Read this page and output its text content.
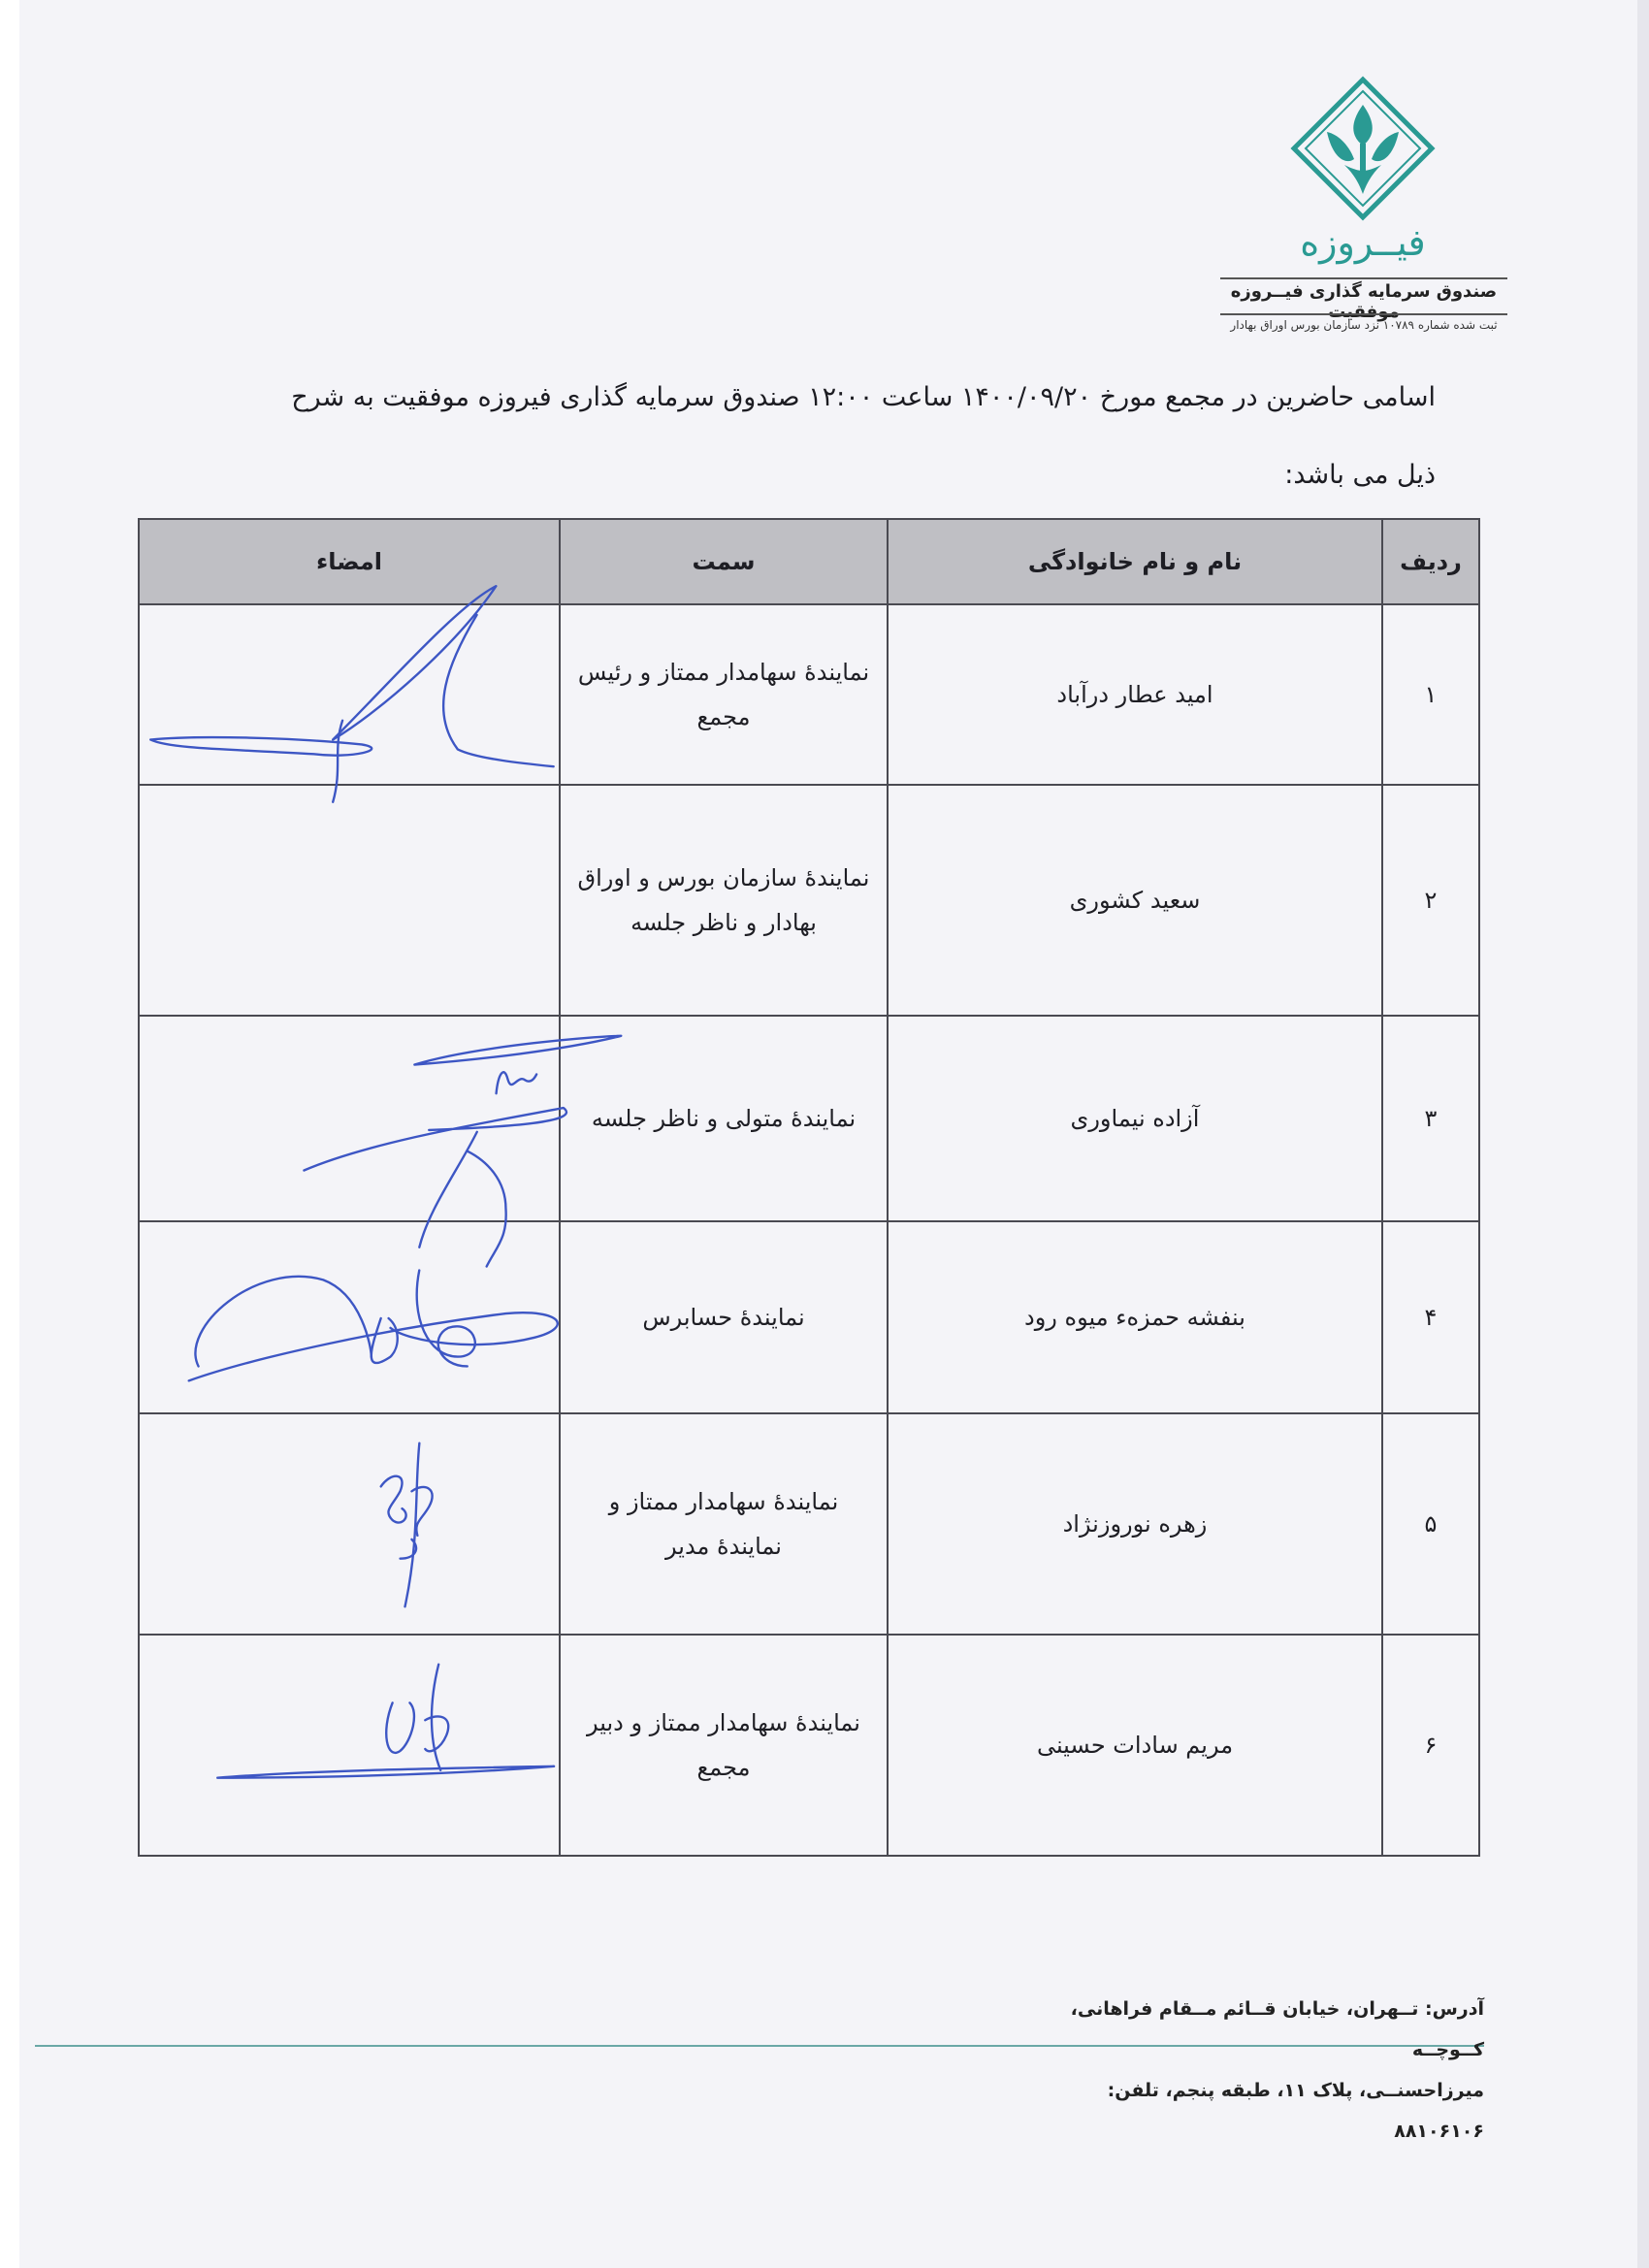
فیــروزه
صندوق سرمایه گذاری فیــروزه موفقیت
ثبت شده شماره ۱۰۷۸۹ نزد سازمان بورس اوراق بهادار
اسامی حاضرین در مجمع مورخ ۱۴۰۰/۰۹/۲۰ ساعت ۱۲:۰۰ صندوق سرمایه گذاری فیروزه موفقیت به شرح
ذیل می باشد:
ردیف	نام و نام خانوادگی	سمت	امضاء
۱	امید عطار درآباد	نمایندۀ سهامدار ممتاز و رئیس مجمع	

۲	سعید کشوری	نمایندۀ سازمان بورس و اوراق بهادار و ناظر جلسه	
۳	آزاده نیماوری	نمایندۀ متولی و ناظر جلسه	

۴	بنفشه حمزهء میوه رود	نمایندۀ حسابرس	

۵	زهره نوروزنژاد	نمایندۀ سهامدار ممتاز و نمایندۀ مدیر	

۶	مریم سادات حسینی	نمایندۀ سهامدار ممتاز و دبیر مجمع	
آدرس: تــهران، خیابان قــائم مــقام فراهانی، کــوچــه
میرزاحسنــی، پلاک ۱۱، طبقه پنجم، تلفن: ۸۸۱۰۶۱۰۶
